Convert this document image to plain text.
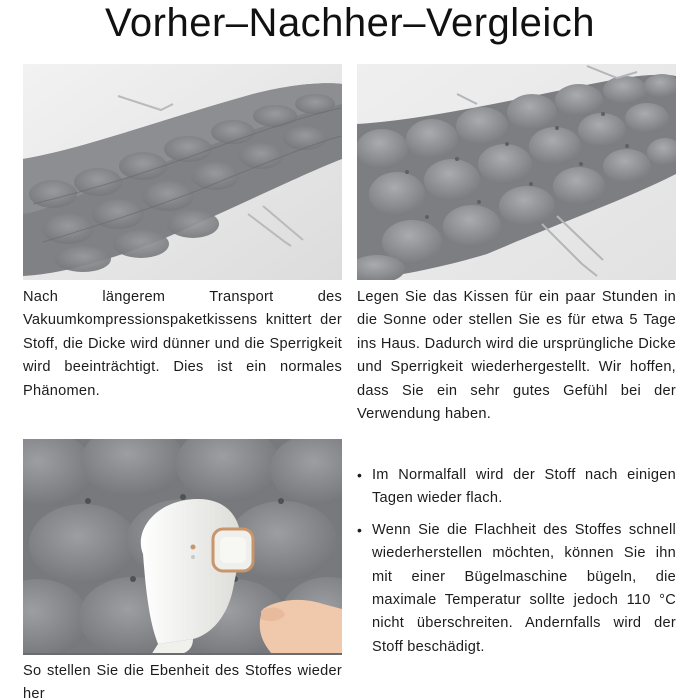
Vorher–Nachher–Vergleich
Nach längerem Transport des Vakuumkompressionspaketkissens knittert der Stoff, die Dicke wird dünner und die Sperrigkeit wird beeinträchtigt. Dies ist ein normales Phänomen.
Legen Sie das Kissen für ein paar Stunden in die Sonne oder stellen Sie es für etwa 5 Tage ins Haus. Dadurch wird die ursprüngliche Dicke und Sperrigkeit wiederhergestellt. Wir hoffen, dass Sie ein sehr gutes Gefühl bei der Verwendung haben.
So stellen Sie die Ebenheit des Stoffes wieder her
• Im Normalfall wird der Stoff nach einigen Tagen wieder flach.
• Wenn Sie die Flachheit des Stoffes schnell wiederherstellen möchten, können Sie ihn mit einer Bügelmaschine bügeln, die maximale Temperatur sollte jedoch 110 °C nicht überschreiten. Andernfalls wird der Stoff beschädigt.
